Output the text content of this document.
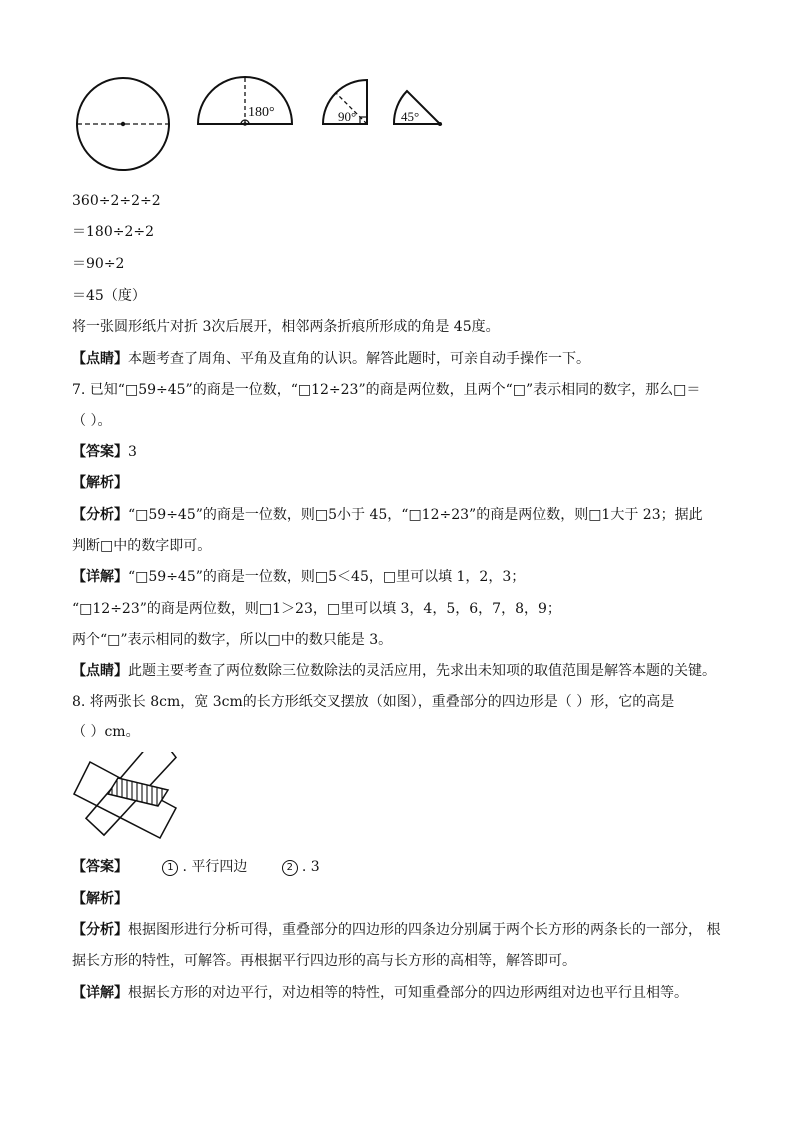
180°	90°	45°
360÷2÷2÷2
＝180÷2÷2
＝90÷2
＝45（度）
将一张圆形纸片对折 3次后展开，相邻两条折痕所形成的角是 45度。
【点睛】本题考查了周角、平角及直角的认识。解答此题时，可亲自动手操作一下。
7. 已知“□59÷45”的商是一位数，“□12÷23”的商是两位数，且两个“□”表示相同的数字，那么□＝
（ ）。
【答案】3
【解析】
【分析】“□59÷45”的商是一位数，则□5小于 45，“□12÷23”的商是两位数，则□1大于 23；据此
判断□中的数字即可。
【详解】“□59÷45”的商是一位数，则□5＜45，□里可以填 1，2，3；
“□12÷23”的商是两位数，则□1＞23，□里可以填 3，4，5，6，7，8，9；
两个“□”表示相同的数字，所以□中的数只能是 3。
【点睛】此题主要考查了两位数除三位数除法的灵活应用，先求出未知项的取值范围是解答本题的关键。
8. 将两张长 8cm，宽 3cm的长方形纸交叉摆放（如图），重叠部分的四边形是（ ）形，它的高是
（ ）cm。
【答案】	1 . 平行四边	2 . 3
【解析】
【分析】根据图形进行分析可得，重叠部分的四边形的四条边分别属于两个长方形的两条长的一部分， 根
据长方形的特性，可解答。再根据平行四边形的高与长方形的高相等，解答即可。
【详解】根据长方形的对边平行，对边相等的特性，可知重叠部分的四边形两组对边也平行且相等。
